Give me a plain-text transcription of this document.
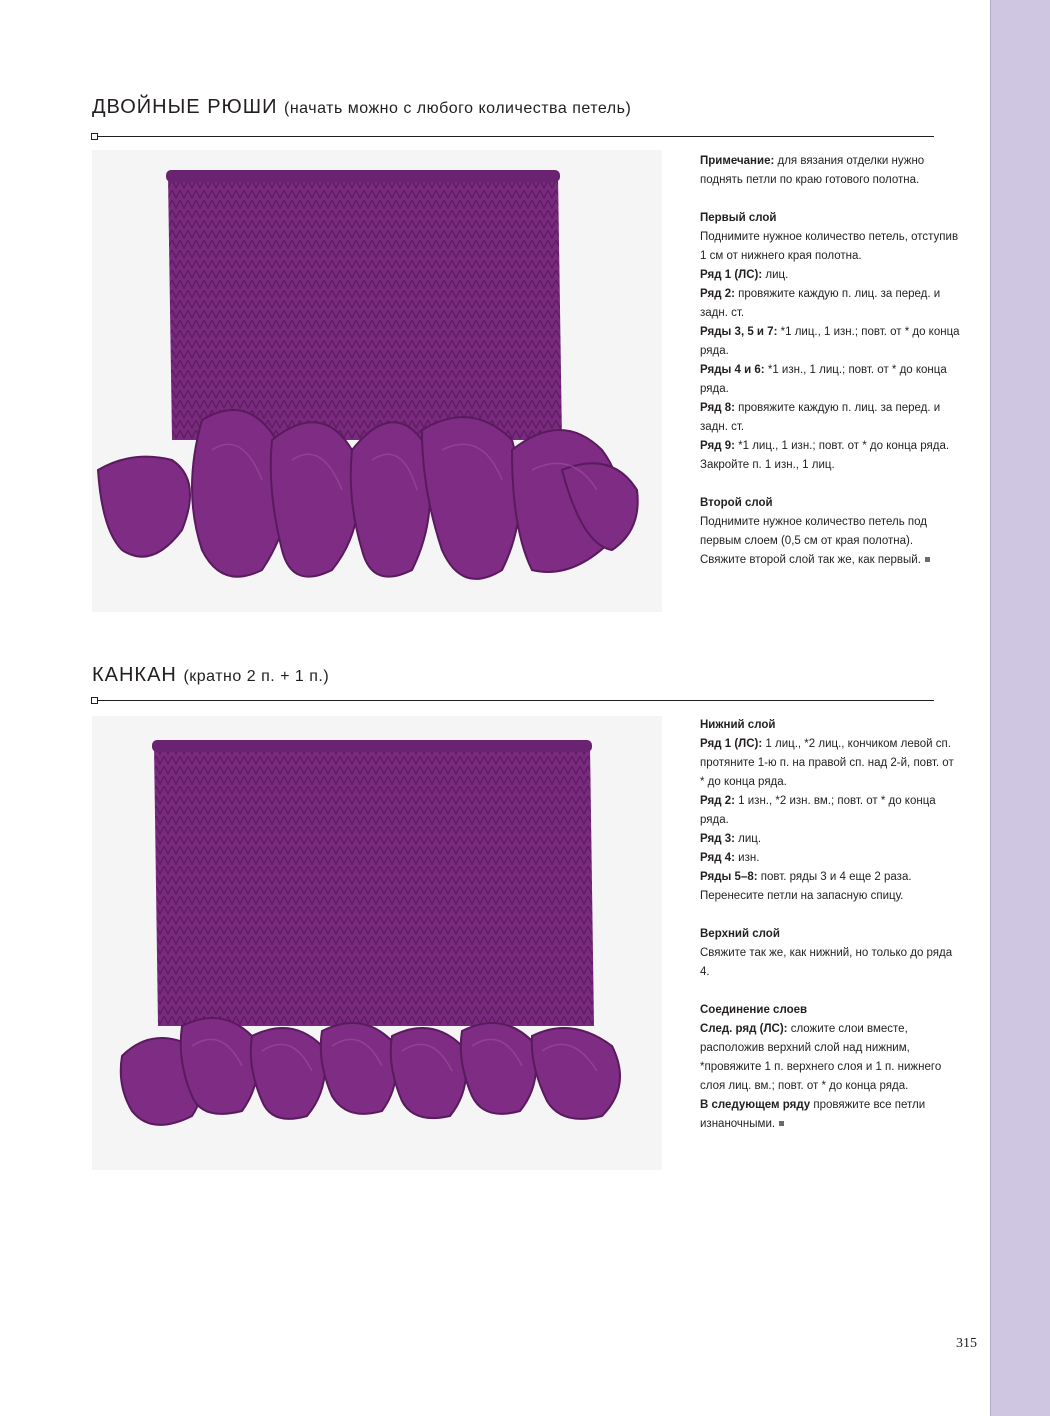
ДВОЙНЫЕ РЮШИ (начать можно с любого количества петель)

Примечание: для вязания отделки нужно поднять петли по краю готового полотна.

Первый слой

Поднимите нужное количество петель, отступив 1 см от нижнего края полотна.

Ряд 1 (ЛС): лиц.

Ряд 2: провяжите каждую п. лиц. за перед. и задн. ст.

Ряды 3, 5 и 7: *1 лиц., 1 изн.; повт. от * до конца ряда.

Ряды 4 и 6: *1 изн., 1 лиц.; повт. от * до конца ряда.

Ряд 8: провяжите каждую п. лиц. за перед. и задн. ст.

Ряд 9: *1 лиц., 1 изн.; повт. от * до конца ряда. Закройте п. 1 изн., 1 лиц.

Второй слой

Поднимите нужное количество петель под первым слоем (0,5 см от края полотна). Свяжите второй слой так же, как первый.

КАНКАН (кратно 2 п. + 1 п.)

Нижний слой

Ряд 1 (ЛС): 1 лиц., *2 лиц., кончиком левой сп. протяните 1-ю п. на правой сп. над 2-й, повт. от * до конца ряда.

Ряд 2: 1 изн., *2 изн. вм.; повт. от * до конца ряда.

Ряд 3: лиц.

Ряд 4: изн.

Ряды 5–8: повт. ряды 3 и 4 еще 2 раза.

Перенесите петли на запасную спицу.

Верхний слой

Свяжите так же, как нижний, но только до ряда 4.

Соединение слоев

След. ряд (ЛС): сложите слои вместе, расположив верхний слой над нижним, *провяжите 1 п. верхнего слоя и 1 п. нижнего слоя лиц. вм.; повт. от * до конца ряда.

В следующем ряду провяжите все петли изнаночными.

315
